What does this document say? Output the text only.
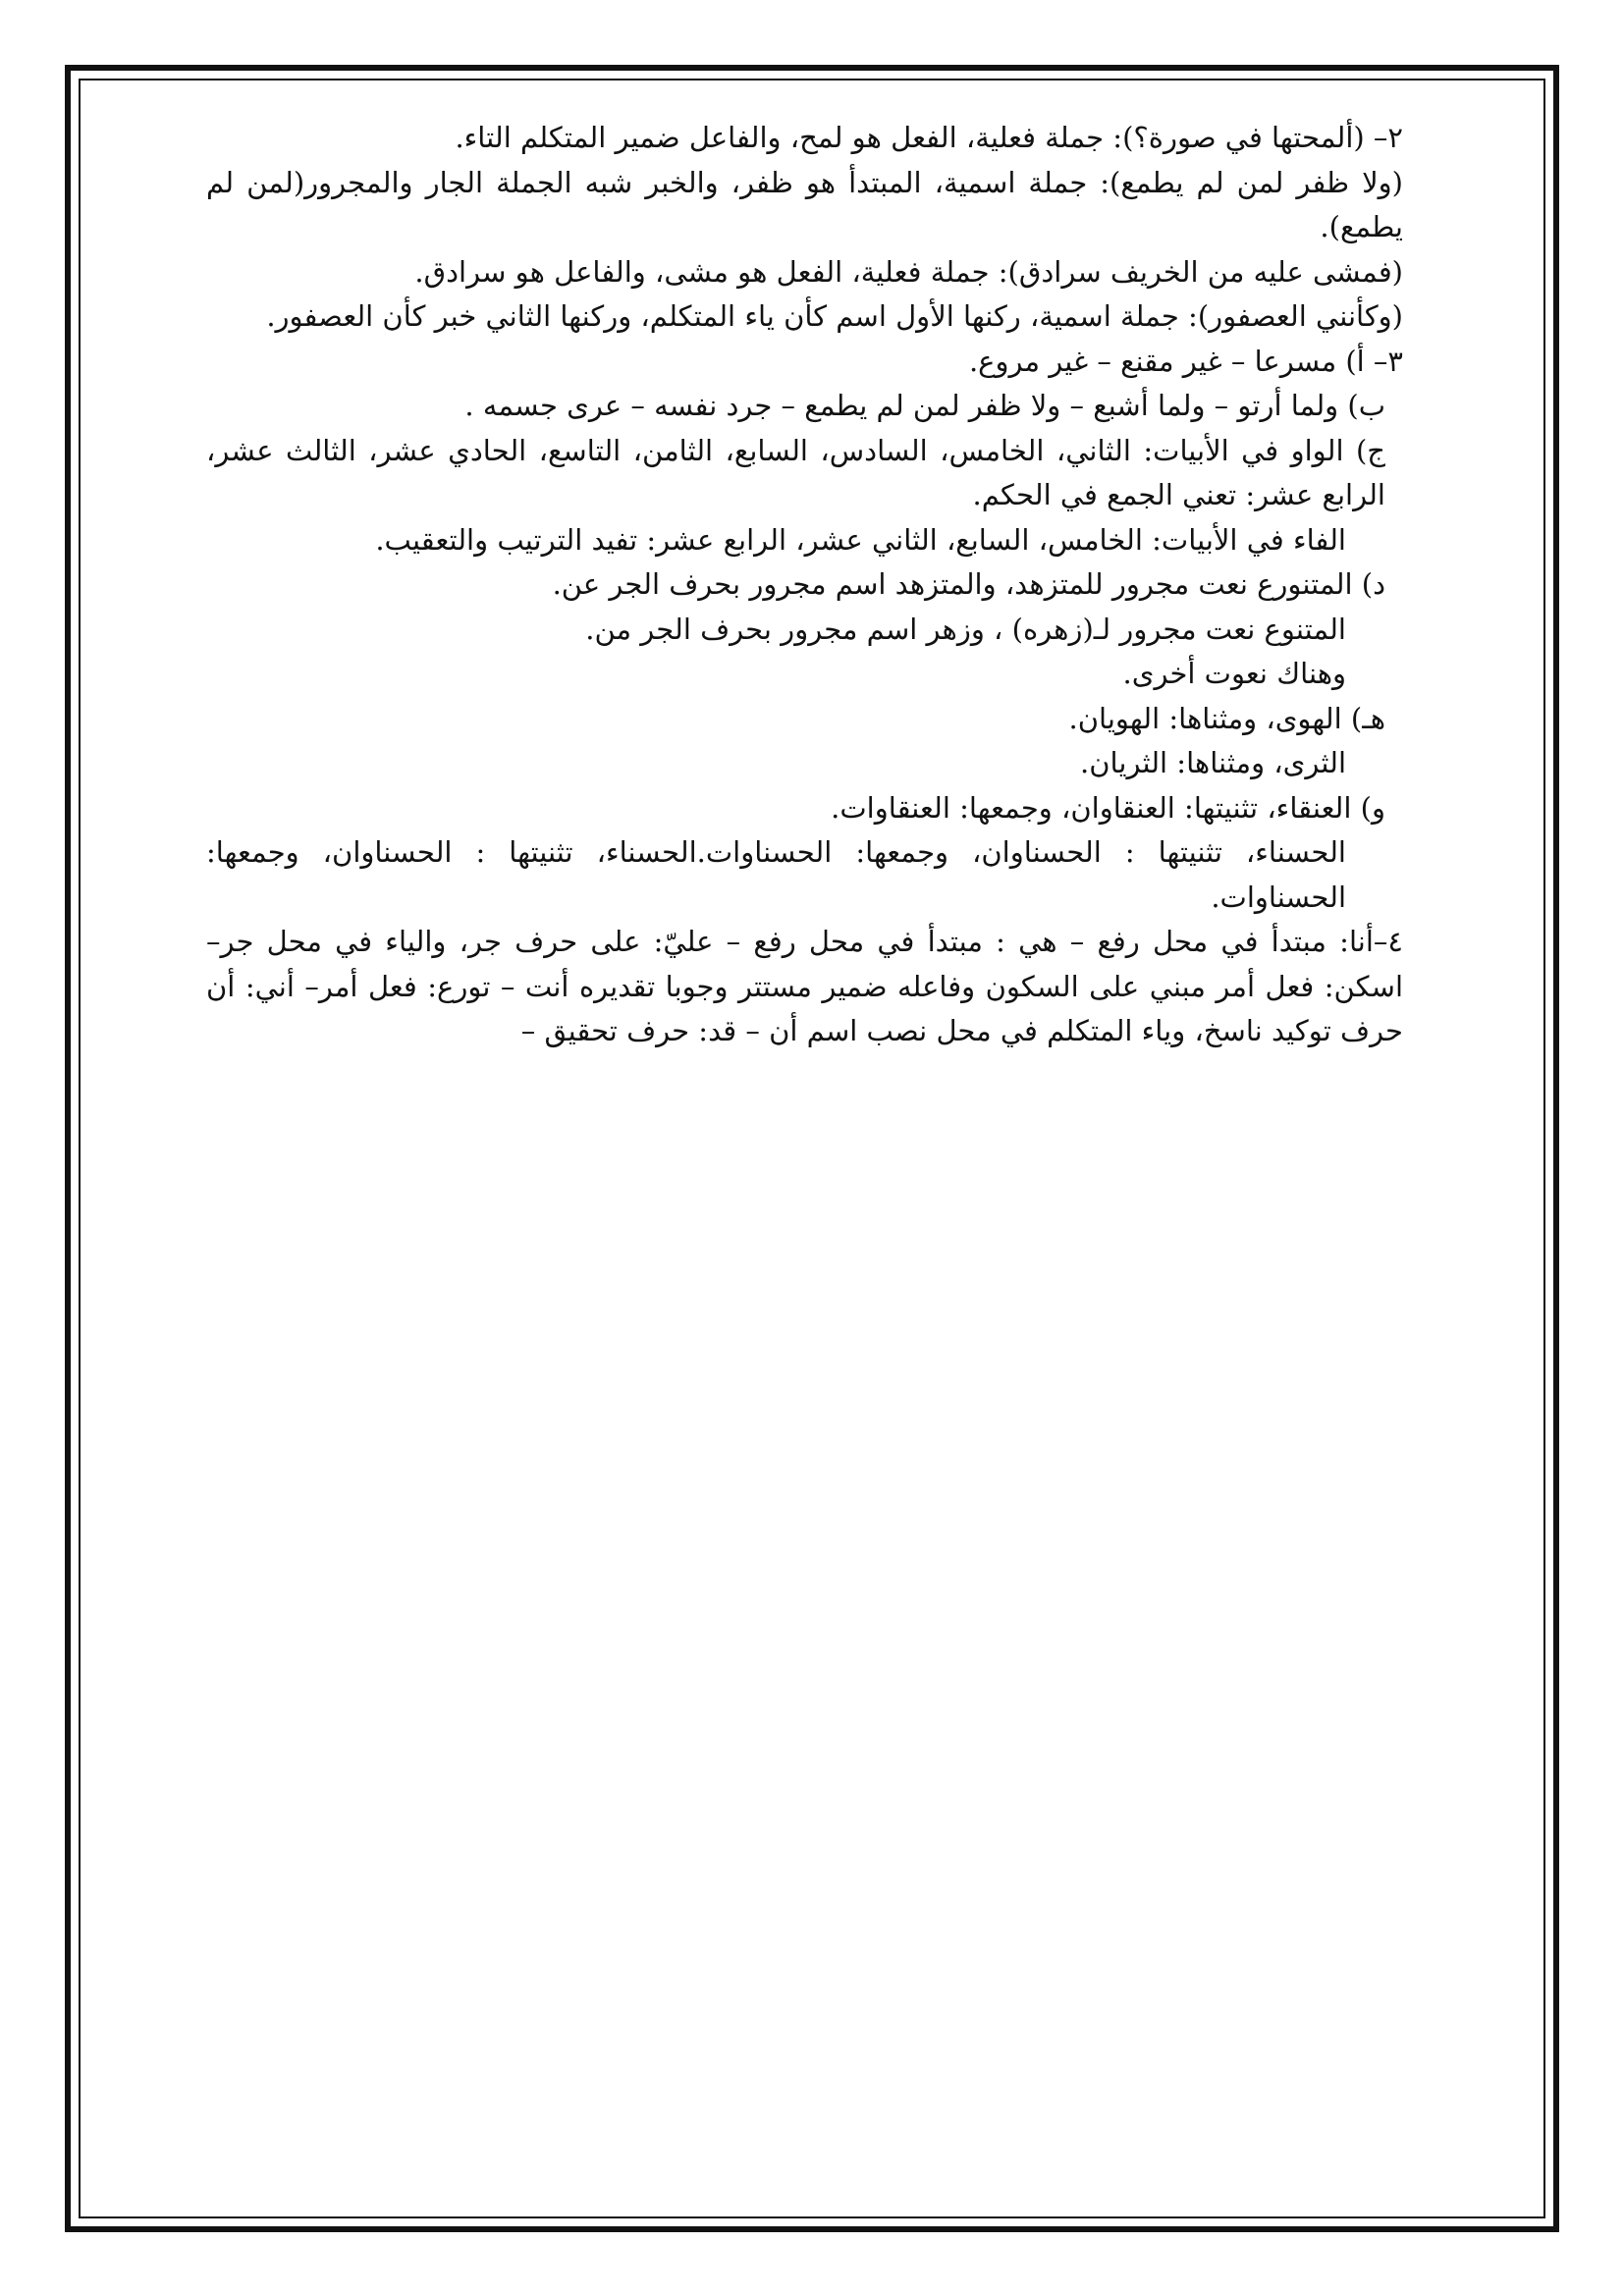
٢– (ألمحتها في صورة؟): جملة فعلية، الفعل هو لمح، والفاعل ضمير المتكلم التاء.

(ولا ظفر لمن لم يطمع): جملة اسمية، المبتدأ هو ظفر، والخبر شبه الجملة الجار والمجرور(لمن لم يطمع).

(فمشى عليه من الخريف سرادق): جملة فعلية، الفعل هو مشى، والفاعل هو سرادق.

(وكأنني العصفور): جملة اسمية، ركنها الأول اسم كأن ياء المتكلم، وركنها الثاني خبر كأن العصفور.

٣– أ) مسرعا – غير مقنع – غير مروع.

ب) ولما أرتو – ولما أشبع – ولا ظفر لمن لم يطمع – جرد نفسه – عرى جسمه .

ج) الواو في الأبيات: الثاني، الخامس، السادس، السابع، الثامن، التاسع، الحادي عشر، الثالث عشر، الرابع عشر: تعني الجمع في الحكم.

الفاء في الأبيات: الخامس، السابع، الثاني عشر، الرابع عشر: تفيد الترتيب والتعقيب.

د) المتنورع نعت مجرور للمتزهد، والمتزهد اسم مجرور بحرف الجر عن.

المتنوع نعت مجرور لـ(زهره) ، وزهر اسم مجرور بحرف الجر من.

وهناك نعوت أخرى.

هـ) الهوى، ومثناها: الهويان.

الثرى، ومثناها: الثريان.

و) العنقاء، تثنيتها: العنقاوان، وجمعها: العنقاوات.

الحسناء، تثنيتها : الحسناوان، وجمعها: الحسناوات.الحسناء، تثنيتها : الحسناوان، وجمعها: الحسناوات.

٤–أنا: مبتدأ في محل رفع – هي : مبتدأ في محل رفع – عليّ: على حرف جر، والياء في محل جر– اسكن: فعل أمر مبني على السكون وفاعله ضمير مستتر وجوبا تقديره أنت – تورع: فعل أمر– أني: أن حرف توكيد ناسخ، وياء المتكلم في محل نصب اسم أن – قد: حرف تحقيق –
